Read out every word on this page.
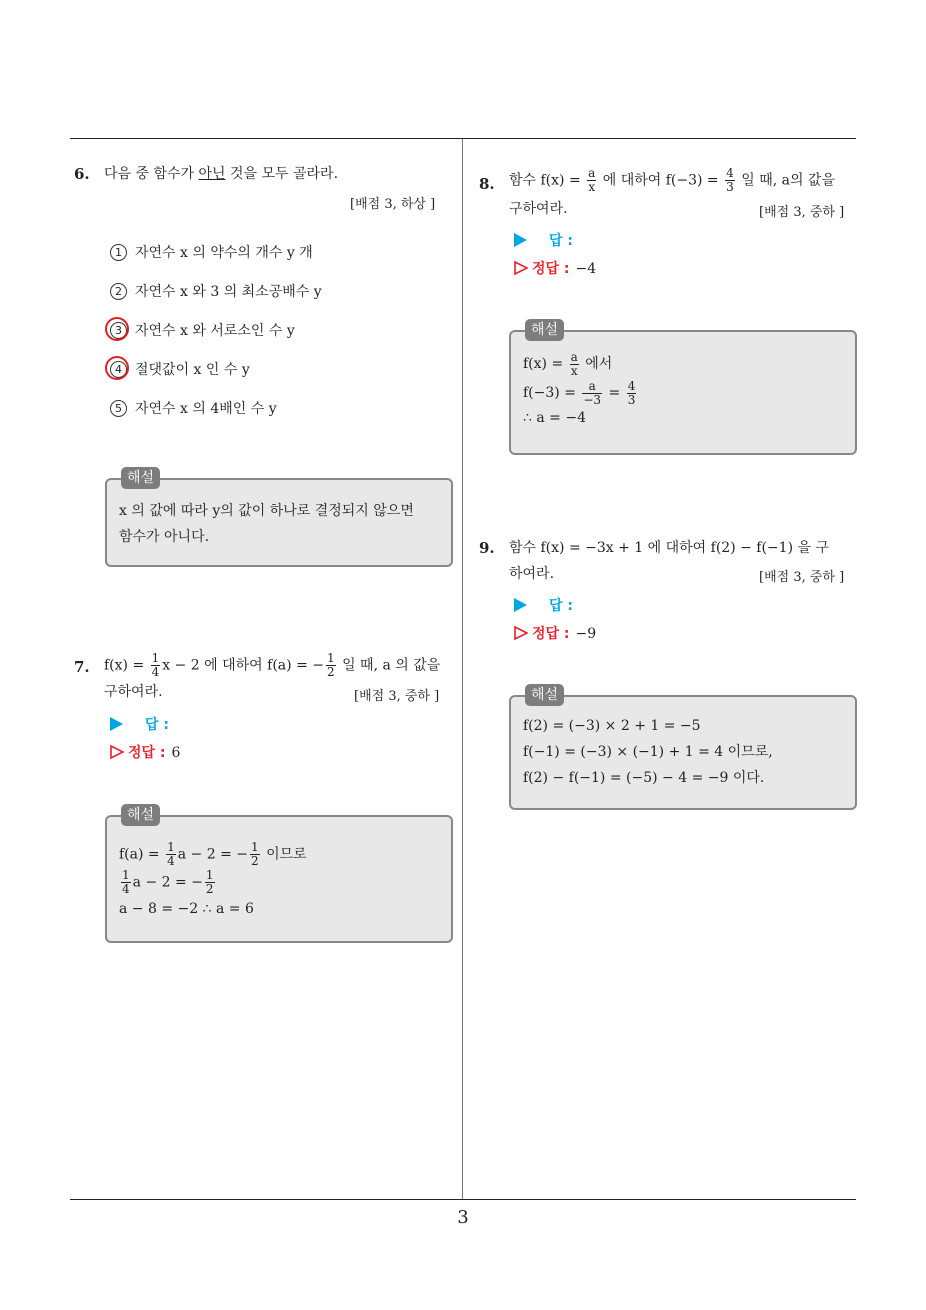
3
6. 다음 중 함수가 아닌 것을 모두 골라라.
[배점 3, 하상 ]
1 자연수 x 의 약수의 개수 y 개
2 자연수 x 와 3 의 최소공배수 y
3 자연수 x 와 서로소인 수 y
4 절댓값이 x 인 수 y
5 자연수 x 의 4배인 수 y
해설
x 의 값에 따라 y의 값이 하나로 결정되지 않으면
함수가 아니다.
7. $f(x) = \frac{1}{4}$ x − 2 에 대하여 f(a) = − $\frac{1}{2}$ 일 때, a 의 값을
구하여라.	[배점 3, 중하 ]
답 :
정답 : 6
해설
$f(a) = \frac{1}{4}$ a − 2 = − $\frac{1}{2}$ 이므로
$\frac{1}{4}$ a − 2 = − $\frac{1}{2}$
a − 8 = −2 ∴ a = 6
8. 함수 $f(x) = \frac{a}{x}$ 에 대하여 $f(-3) = \frac{4}{3}$ 일 때, a의 값을
구하여라.	[배점 3, 중하 ]
답 :
정답 : −4
해설
$f(x) = \frac{a}{x}$ 에서
$f(-3) = \frac{a}{-3} = \frac{4}{3}$
∴ a = −4
9. 함수 f(x) = −3x + 1 에 대하여 f(2) − f(−1) 을 구
하여라.	[배점 3, 중하 ]
답 :
정답 : −9
해설
f(2) = (−3) × 2 + 1 = −5
f(−1) = (−3) × (−1) + 1 = 4 이므로,
f(2) − f(−1) = (−5) − 4 = −9 이다.
